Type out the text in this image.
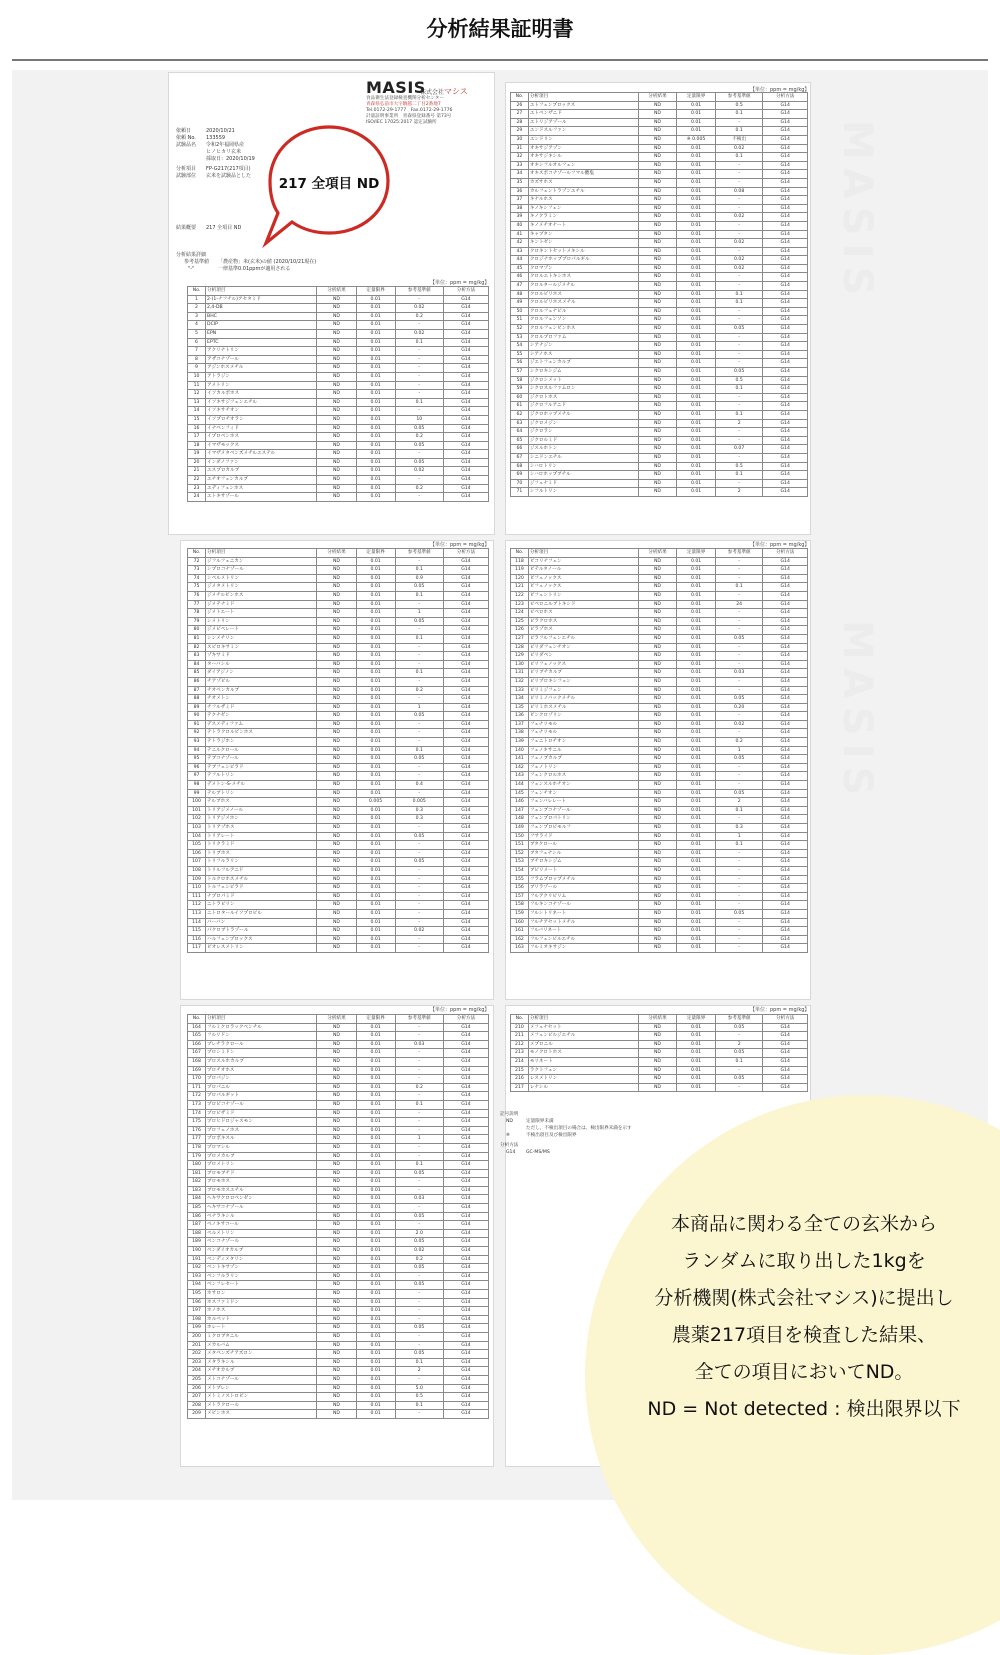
分析結果証明書
MASIS
MASIS
MASIS
株式会社マシス
食品衛生法登録検査機関分析センター
青森県弘前市大字駒越二丁目2番地7
Tel.0172-29-1777　Fax.0172-29-1776
計量証明事業所　青森県登録番号 第73号
ISO/IEC 17025:2017 認定試験所
依頼日	2020/10/21
依頼 No. 133559
試験品名 令和2年福岡県産
ヒノヒカリ玄米
採取日：2020/10/19
分析項目 FP-G217(217項目)
試験部位 玄米を試験品とした	217 全項目 ND
結果概要 217 全項目 ND
分析結果詳細
参考基準値 「農産物」米(玄米)の値 (2020/10/21現在)
"-"	一律基準0.01ppmが適用される
【単位：ppm = mg/kg】
【単位：ppm = mg/kg】
【単位：ppm = mg/kg】	【単位：ppm = mg/kg】
【単位：ppm = mg/kg】	【単位：ppm = mg/kg】
No.	分析項目	分析結果	定量限界	参考基準値	分析方法
1	2-(1-ナフチル)アセタミド	ND	0.01	-	G14
2	2,4-DB	ND	0.01	0.02	G14
3	BHC	ND	0.01	0.2	G14
4	DCIP	ND	0.01	-	G14
5	EPN	ND	0.01	0.02	G14
6	EPTC	ND	0.01	0.1	G14
7	アクリナトリン	ND	0.01	-	G14
8	アザコナゾール	ND	0.01	-	G14
9	アジンホスメチル	ND	0.01	-	G14
10	アトラジン	ND	0.01	-	G14
11	アメトリン	ND	0.01	-	G14
12	イソカルボホス	ND	0.01	-	G14
13	イソキサジフェンエチル	ND	0.01	0.1	G14
14	イソキサチオン	ND	0.01	-	G14
15	イソプロチオラン	ND	0.01	10	G14
16	イナベンフィド	ND	0.01	0.05	G14
17	イプロベンホス	ND	0.01	0.2	G14
18	イマザモックス	ND	0.01	0.05	G14
19	イマザメタベンズメチルエステル	ND	0.01	-	G14
20	インダノファン	ND	0.01	0.05	G14
21	エスプロカルブ	ND	0.01	0.02	G14
22	エチオフェンカルブ	ND	0.01	-	G14
23	エディフェンホス	ND	0.01	0.2	G14
24	エトキサゾール	ND	0.01	-	G14
No.	分析項目	分析結果	定量限界	参考基準値	分析方法
26	エトフェンプロックス	ND	0.01	0.5	G14
27	エトベンザニド	ND	0.01	0.1	G14
28	エトリジアゾール	ND	0.01	-	G14
29	エンドスルファン	ND	0.01	0.1	G14
30	エンドリン	ND	※ 0.005	不検出	G14
31	オキサジアゾン	ND	0.01	0.02	G14
32	オキサジキシル	ND	0.01	0.1	G14
33	オキシフルオルフェン	ND	0.01	-	G14
34	オキスポコナゾールフマル酸塩	ND	0.01	-	G14
35	カズサホス	ND	0.01	-	G14
36	カルフェントラゾンエチル	ND	0.01	0.08	G14
37	キナルホス	ND	0.01	-	G14
38	キノキシフェン	ND	0.01	-	G14
39	キノクラミン	ND	0.01	0.02	G14
40	キノメチオナート	ND	0.01	-	G14
41	キャプタン	ND	0.01	-	G14
42	キントゼン	ND	0.01	0.02	G14
43	クロキントセットメキシル	ND	0.01	-	G14
44	クロジナホッププロパルギル	ND	0.01	0.02	G14
45	クロマゾン	ND	0.01	0.02	G14
46	クロルエトキシホス	ND	0.01	-	G14
47	クロルタールジメチル	ND	0.01	-	G14
48	クロルピリホス	ND	0.01	0.1	G14
49	クロルピリホスメチル	ND	0.01	0.1	G14
50	クロルフェナピル	ND	0.01	-	G14
51	クロルフェンソン	ND	0.01	-	G14
52	クロルフェンビンホス	ND	0.01	0.05	G14
53	クロルプロファム	ND	0.01	-	G14
54	シアナジン	ND	0.01	-	G14
55	シアノホス	ND	0.01	-	G14
56	ジエトフェンカルブ	ND	0.01	-	G14
57	シクロキシジム	ND	0.01	0.05	G14
58	ジクロシメット	ND	0.01	0.5	G14
59	シクロスルファムロン	ND	0.01	0.1	G14
60	ジクロトホス	ND	0.01	-	G14
61	ジクロフルアニド	ND	0.01	-	G14
62	ジクロホップメチル	ND	0.01	0.1	G14
63	ジクロメジン	ND	0.01	2	G14
64	ジクロラン	ND	0.01	-	G14
65	ジクロルミド	ND	0.01	-	G14
66	ジスルホトン	ND	0.01	0.07	G14
67	シニドンエチル	ND	0.01	-	G14
68	シハロトリン	ND	0.01	0.5	G14
69	シハロホップブチル	ND	0.01	0.1	G14
70	ジフェナミド	ND	0.01	-	G14
71	シフルトリン	ND	0.01	2	G14
No.	分析項目	分析結果	定量限界	参考基準値	分析方法
72	ジフルフェニカン	ND	0.01	-	G14
73	シプロコナゾール	ND	0.01	0.1	G14
74	シペルメトリン	ND	0.01	0.9	G14
75	ジメタメトリン	ND	0.01	0.05	G14
76	ジメチルビンホス	ND	0.01	0.1	G14
77	ジメテナミド	ND	0.01	-	G14
78	ジメトエート	ND	0.01	1	G14
79	シメトリン	ND	0.01	0.05	G14
80	ジメピペレート	ND	0.01	-	G14
81	シンメチリン	ND	0.01	0.1	G14
82	スピロキサミン	ND	0.01	-	G14
83	ゾキサミド	ND	0.01	-	G14
84	ターバシル	ND	0.01	-	G14
85	ダイアジノン	ND	0.01	0.1	G14
86	チアゾピル	ND	0.01	-	G14
87	チオベンカルブ	ND	0.01	0.2	G14
88	チオメトン	ND	0.01	-	G14
89	チフルザミド	ND	0.01	1	G14
90	テクナゼン	ND	0.01	0.05	G14
91	デスメディファム	ND	0.01	-	G14
92	テトラクロルビンホス	ND	0.01	-	G14
93	テトラジホン	ND	0.01	-	G14
94	テニルクロール	ND	0.01	0.1	G14
95	テブコナゾール	ND	0.01	0.05	G14
96	テブフェンピラド	ND	0.01	-	G14
97	テフルトリン	ND	0.01	-	G14
98	デメトン-S-メチル	ND	0.01	0.4	G14
99	テルブトリン	ND	0.01	-	G14
100	テルブホス	ND	0.005	0.005	G14
101	トリアジメノール	ND	0.01	0.3	G14
102	トリアジメホン	ND	0.01	0.3	G14
103	トリアゾホス	ND	0.01	-	G14
104	トリアレート	ND	0.01	0.05	G14
105	トリクラミド	ND	0.01	-	G14
106	トリブホス	ND	0.01	-	G14
107	トリフルラリン	ND	0.01	0.05	G14
108	トリルフルアニド	ND	0.01	-	G14
109	トルクロホスメチル	ND	0.01	-	G14
110	トルフェンピラド	ND	0.01	-	G14
111	ナプロパミド	ND	0.01	-	G14
112	ニトラピリン	ND	0.01	-	G14
113	ニトロタールイソプロピル	ND	0.01	-	G14
114	バーバン	ND	0.01	-	G14
115	パクロブトラゾール	ND	0.01	0.02	G14
116	ハルフェンプロックス	ND	0.01	-	G14
117	ビオレスメトリン	ND	0.01	-	G14
No.	分析項目	分析結果	定量限界	参考基準値	分析方法
118	ビコリナフェン	ND	0.01	-	G14
119	ビテルタノール	ND	0.01	-	G14
120	ビフェノックス	ND	0.01	-	G14
121	ビフェノックス	ND	0.01	0.1	G14
122	ビフェントリン	ND	0.01	-	G14
123	ピペロニルブトキシド	ND	0.01	24	G14
124	ピペロホス	ND	0.01	-	G14
125	ピラクロホス	ND	0.01	-	G14
126	ピラゾホス	ND	0.01	-	G14
127	ピラフルフェンエチル	ND	0.01	0.05	G14
128	ピリダフェンチオン	ND	0.01	-	G14
129	ピリダベン	ND	0.01	-	G14
130	ピリフェノックス	ND	0.01	-	G14
131	ピリブチカルブ	ND	0.01	0.03	G14
132	ピリプロキシフェン	ND	0.01	-	G14
133	ピリミジフェン	ND	0.01	-	G14
134	ピリミノバックメチル	ND	0.01	0.05	G14
135	ピリミホスメチル	ND	0.01	0.20	G14
136	ビンクロゾリン	ND	0.01	-	G14
137	フェナリモル	ND	0.01	0.02	G14
138	フェナリモル	ND	0.01	-	G14
139	フェニトロチオン	ND	0.01	0.2	G14
140	フェノキサニル	ND	0.01	1	G14
141	フェノブカルブ	ND	0.01	0.05	G14
142	フェノトリン	ND	0.01	-	G14
143	フェンクロルホス	ND	0.01	-	G14
144	フェンスルホチオン	ND	0.01	-	G14
145	フェンチオン	ND	0.01	0.05	G14
146	フェンバレレート	ND	0.01	2	G14
147	フェンブコナゾール	ND	0.01	0.1	G14
148	フェンプロパトリン	ND	0.01	-	G14
149	フェンプロピモルフ	ND	0.01	0.3	G14
150	フサライド	ND	0.01	1	G14
151	ブタクロール	ND	0.01	0.1	G14
152	ブタフェナシル	ND	0.01	-	G14
153	ブチロキシジム	ND	0.01	-	G14
154	ブピリメート	ND	0.01	-	G14
155	フラムプロップメチル	ND	0.01	-	G14
156	ブリラゾール	ND	0.01	-	G14
157	フルアクリピリム	ND	0.01	-	G14
158	フルキンコナゾール	ND	0.01	-	G14
159	フルシトリネート	ND	0.01	0.05	G14
160	フルチアセットメチル	ND	0.01	-	G14
161	フルバリネート	ND	0.01	-	G14
162	フルフェンピルエチル	ND	0.01	-	G14
163	フルミオキサジン	ND	0.01	-	G14
No.	分析項目	分析結果	定量限界	参考基準値	分析方法
164	フルミクロラックペンチル	ND	0.01	-	G14
165	フルリドン	ND	0.01	-	G14
166	プレチラクロール	ND	0.01	0.03	G14
167	プロシミドン	ND	0.01	-	G14
168	プロスルホカルブ	ND	0.01	-	G14
169	プロチオホス	ND	0.01	-	G14
170	プロパジン	ND	0.01	-	G14
171	プロパニル	ND	0.01	0.2	G14
172	プロパルギット	ND	0.01	-	G14
173	プロピコナゾール	ND	0.01	0.1	G14
174	プロピザミド	ND	0.01	-	G14
175	プロヒドロジャスモン	ND	0.01	-	G14
176	プロフェノホス	ND	0.01	-	G14
177	プロポキスル	ND	0.01	1	G14
178	プロマシル	ND	0.01	-	G14
179	プロメカルブ	ND	0.01	-	G14
180	プロメトリン	ND	0.01	0.1	G14
181	ブロモブチド	ND	0.01	0.05	G14
182	ブロモホス	ND	0.01	-	G14
183	ブロモホスエチル	ND	0.01	-	G14
184	ヘキサクロロベンゼン	ND	0.01	0.03	G14
185	ヘキサコナゾール	ND	0.01	-	G14
186	ベナラキシル	ND	0.01	0.05	G14
187	ベノキサコール	ND	0.01	-	G14
188	ペルメトリン	ND	0.01	2.0	G14
189	ペンコナゾール	ND	0.01	0.05	G14
190	ベンダイオカルブ	ND	0.01	0.02	G14
191	ペンディメタリン	ND	0.01	0.2	G14
192	ベントキサゾン	ND	0.01	0.05	G14
193	ベンフルラリン	ND	0.01	-	G14
194	ベンフレセート	ND	0.01	0.05	G14
195	ホサロン	ND	0.01	-	G14
196	ホスファミドン	ND	0.01	-	G14
197	ホノホス	ND	0.01	-	G14
198	ホルペット	ND	0.01	-	G14
199	ホレート	ND	0.01	0.05	G14
200	ミクロブタニル	ND	0.01	-	G14
201	メカルバム	ND	0.01	-	G14
202	メタベンズチアズロン	ND	0.01	0.05	G14
203	メタラキシル	ND	0.01	0.1	G14
204	メチオカルブ	ND	0.01	2	G14
205	メトコナゾール	ND	0.01	-	G14
206	メトプレン	ND	0.01	5.0	G14
207	メトミノストロビン	ND	0.01	0.5	G14
208	メトラクロール	ND	0.01	0.1	G14
209	メビンホス	ND	0.01	-	G14
No.	分析項目	分析結果	定量限界	参考基準値	分析方法
210	メフェナセット	ND	0.01	0.05	G14
211	メフェンピルジエチル	ND	0.01	-	G14
212	メプロニル	ND	0.01	2	G14
213	モノクロトホス	ND	0.01	0.05	G14
214	モリネート	ND	0.01	0.1	G14
215	ラクトフェン	ND	0.01	-	G14
216	レスメトリン	ND	0.01	0.05	G14
217	レナシル	ND	0.01	-	G14
記号説明
ND	定量限界未満
ただし、不検出項目の場合は、検出限界未満を示す
※	不検出項目及び検出限界
分析方法
G14 GC-MS/MS
本商品に関わる全ての玄米から
ランダムに取り出した1kgを
分析機関(株式会社マシス)に提出し
農薬217項目を検査した結果、
全ての項目においてND。
ND = Not detected : 検出限界以下
